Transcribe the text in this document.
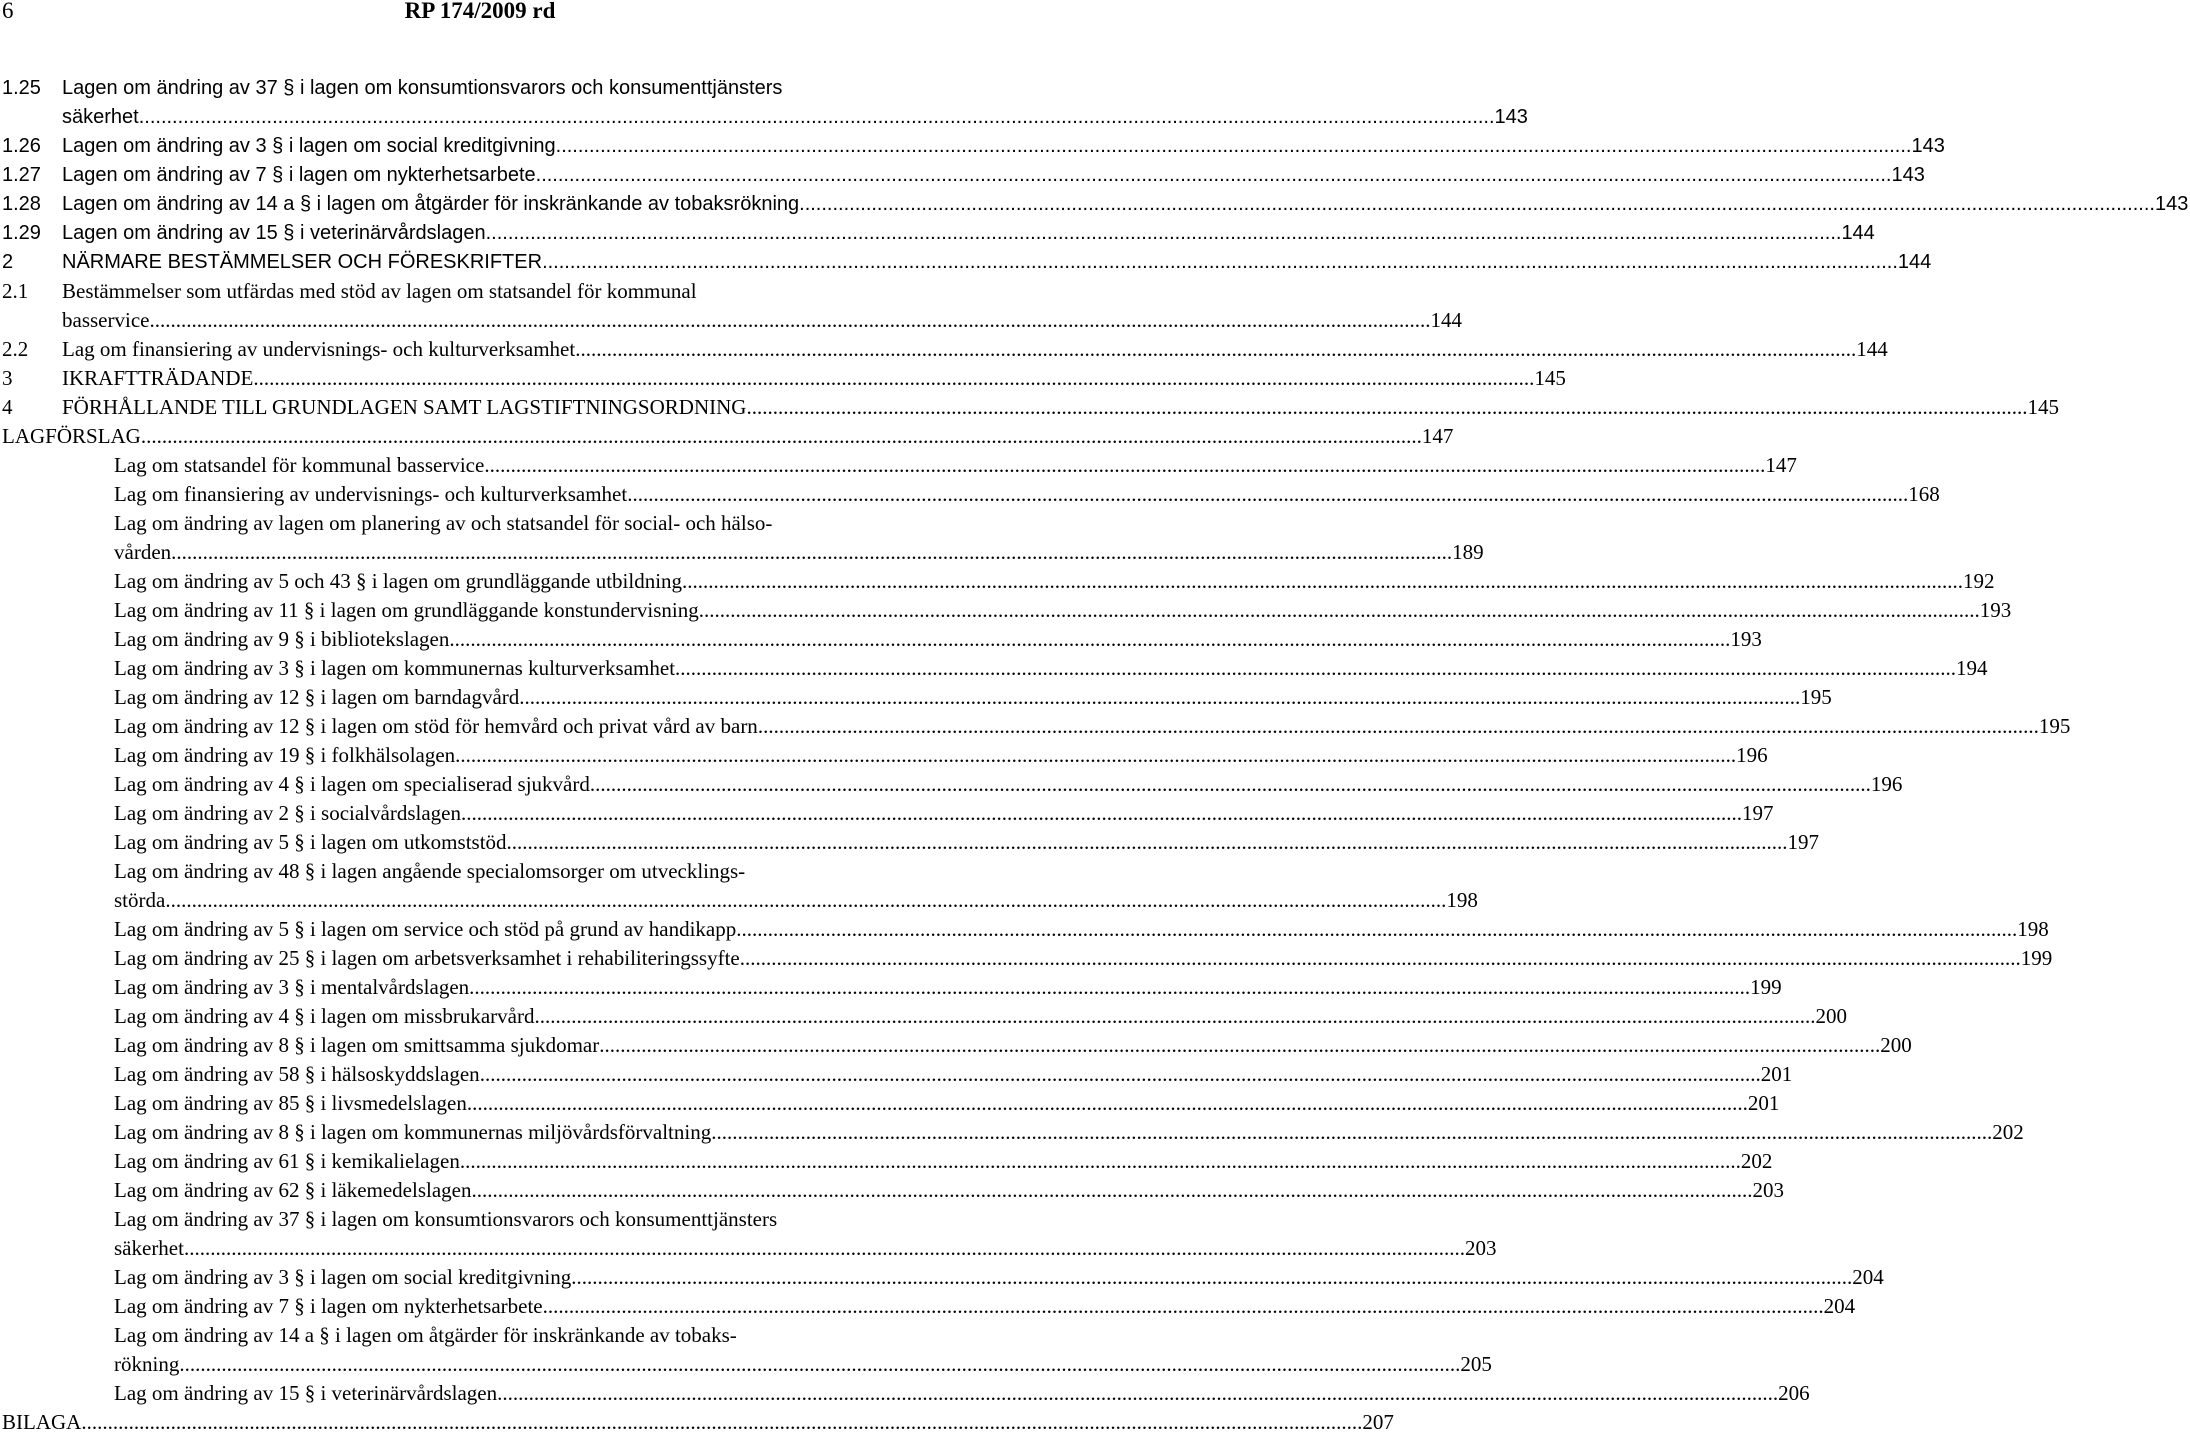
6	RP 174/2009 rd
1.25 Lagen om ändring av 37 § i lagen om konsumtionsvarors och konsumenttjänsters
säkerhet .....	143
1.26 Lagen om ändring av 3 § i lagen om social kreditgivning .....	143
1.27 Lagen om ändring av 7 § i lagen om nykterhetsarbete .....	143
1.28 Lagen om ändring av 14 a § i lagen om åtgärder för inskränkande av tobaksrökning .....	143
1.29 Lagen om ändring av 15 § i veterinärvårdslagen .....	144
2 NÄRMARE BESTÄMMELSER OCH FÖRESKRIFTER .....	144
2.1 Bestämmelser som utfärdas med stöd av lagen om statsandel för kommunal
basservice .....	144
2.2 Lag om finansiering av undervisnings- och kulturverksamhet .....	144
3 IKRAFTTRÄDANDE .....	145
4 FÖRHÅLLANDE TILL GRUNDLAGEN SAMT LAGSTIFTNINGSORDNING .....	145
LAGFÖRSLAG .....	147
Lag om statsandel för kommunal basservice .....	147
Lag om finansiering av undervisnings- och kulturverksamhet .....	168
Lag om ändring av lagen om planering av och statsandel för social- och hälso-
vården .....	189
Lag om ändring av 5 och 43 § i lagen om grundläggande utbildning .....	192
Lag om ändring av 11 § i lagen om grundläggande konstundervisning .....	193
Lag om ändring av 9 § i bibliotekslagen .....	193
Lag om ändring av 3 § i lagen om kommunernas kulturverksamhet .....	194
Lag om ändring av 12 § i lagen om barndagvård .....	195
Lag om ändring av 12 § i lagen om stöd för hemvård och privat vård av barn .....	195
Lag om ändring av 19 § i folkhälsolagen .....	196
Lag om ändring av 4 § i lagen om specialiserad sjukvård .....	196
Lag om ändring av 2 § i socialvårdslagen .....	197
Lag om ändring av 5 § i lagen om utkomststöd .....	197
Lag om ändring av 48 § i lagen angående specialomsorger om utvecklings-
störda .....	198
Lag om ändring av 5 § i lagen om service och stöd på grund av handikapp .....	198
Lag om ändring av 25 § i lagen om arbetsverksamhet i rehabiliteringssyfte .....	199
Lag om ändring av 3 § i mentalvårdslagen .....	199
Lag om ändring av 4 § i lagen om missbrukarvård .....	200
Lag om ändring av 8 § i lagen om smittsamma sjukdomar .....	200
Lag om ändring av 58 § i hälsoskyddslagen .....	201
Lag om ändring av 85 § i livsmedelslagen .....	201
Lag om ändring av 8 § i lagen om kommunernas miljövårdsförvaltning .....	202
Lag om ändring av 61 § i kemikalielagen .....	202
Lag om ändring av 62 § i läkemedelslagen .....	203
Lag om ändring av 37 § i lagen om konsumtionsvarors och konsumenttjänsters
säkerhet .....	203
Lag om ändring av 3 § i lagen om social kreditgivning .....	204
Lag om ändring av 7 § i lagen om nykterhetsarbete .....	204
Lag om ändring av 14 a § i lagen om åtgärder för inskränkande av tobaks-
rökning .....	205
Lag om ändring av 15 § i veterinärvårdslagen .....	206
BILAGA .....	207
